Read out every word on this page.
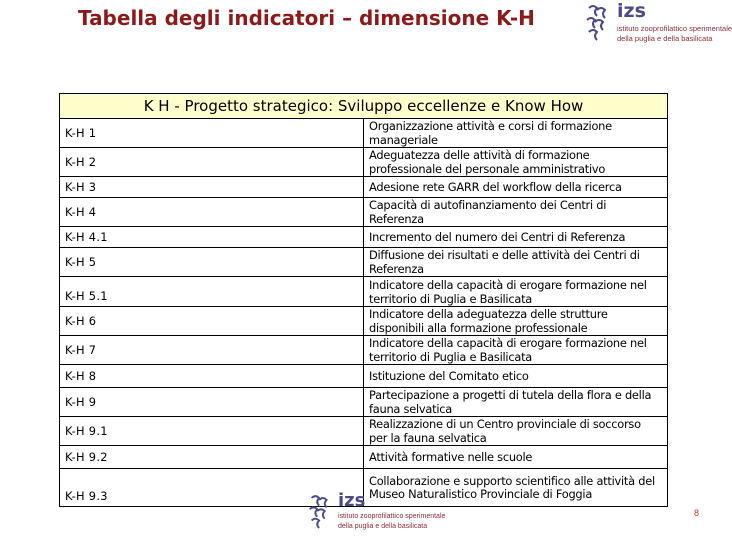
Tabella degli indicatori – dimensione K-H	izs
istituto zooprofilattico sperimentale
della puglia e della basilicata
K H - Progetto strategico: Sviluppo eccellenze e Know How	
K-H 1	Organizzazione attività e corsi di formazione manageriale
K-H 2	Adeguatezza delle attività di formazione professionale del personale amministrativo
K-H 3	Adesione rete GARR del workflow della ricerca
K-H 4	Capacità di autofinanziamento dei Centri di Referenza
K-H 4.1	Incremento del numero dei Centri di Referenza
K-H 5	Diffusione dei risultati e delle attività dei Centri di Referenza
K-H 5.1	Indicatore della capacità di erogare formazione nel territorio di Puglia e Basilicata
K-H 6	Indicatore della adeguatezza delle strutture disponibili alla formazione professionale
K-H 7	Indicatore della capacità di erogare formazione nel territorio di Puglia e Basilicata
K-H 8	Istituzione del Comitato etico
K-H 9	Partecipazione a progetti di tutela della flora e della fauna selvatica
K-H 9.1	Realizzazione di un Centro provinciale di soccorso per la fauna selvatica
K-H 9.2	Attività formative nelle scuole
K-H 9.3	Collaborazione e supporto scientifico alle attività del Museo Naturalistico Provinciale di Foggia
izs
istituto zooprofilattico sperimentale
della puglia e della basilicata
8
